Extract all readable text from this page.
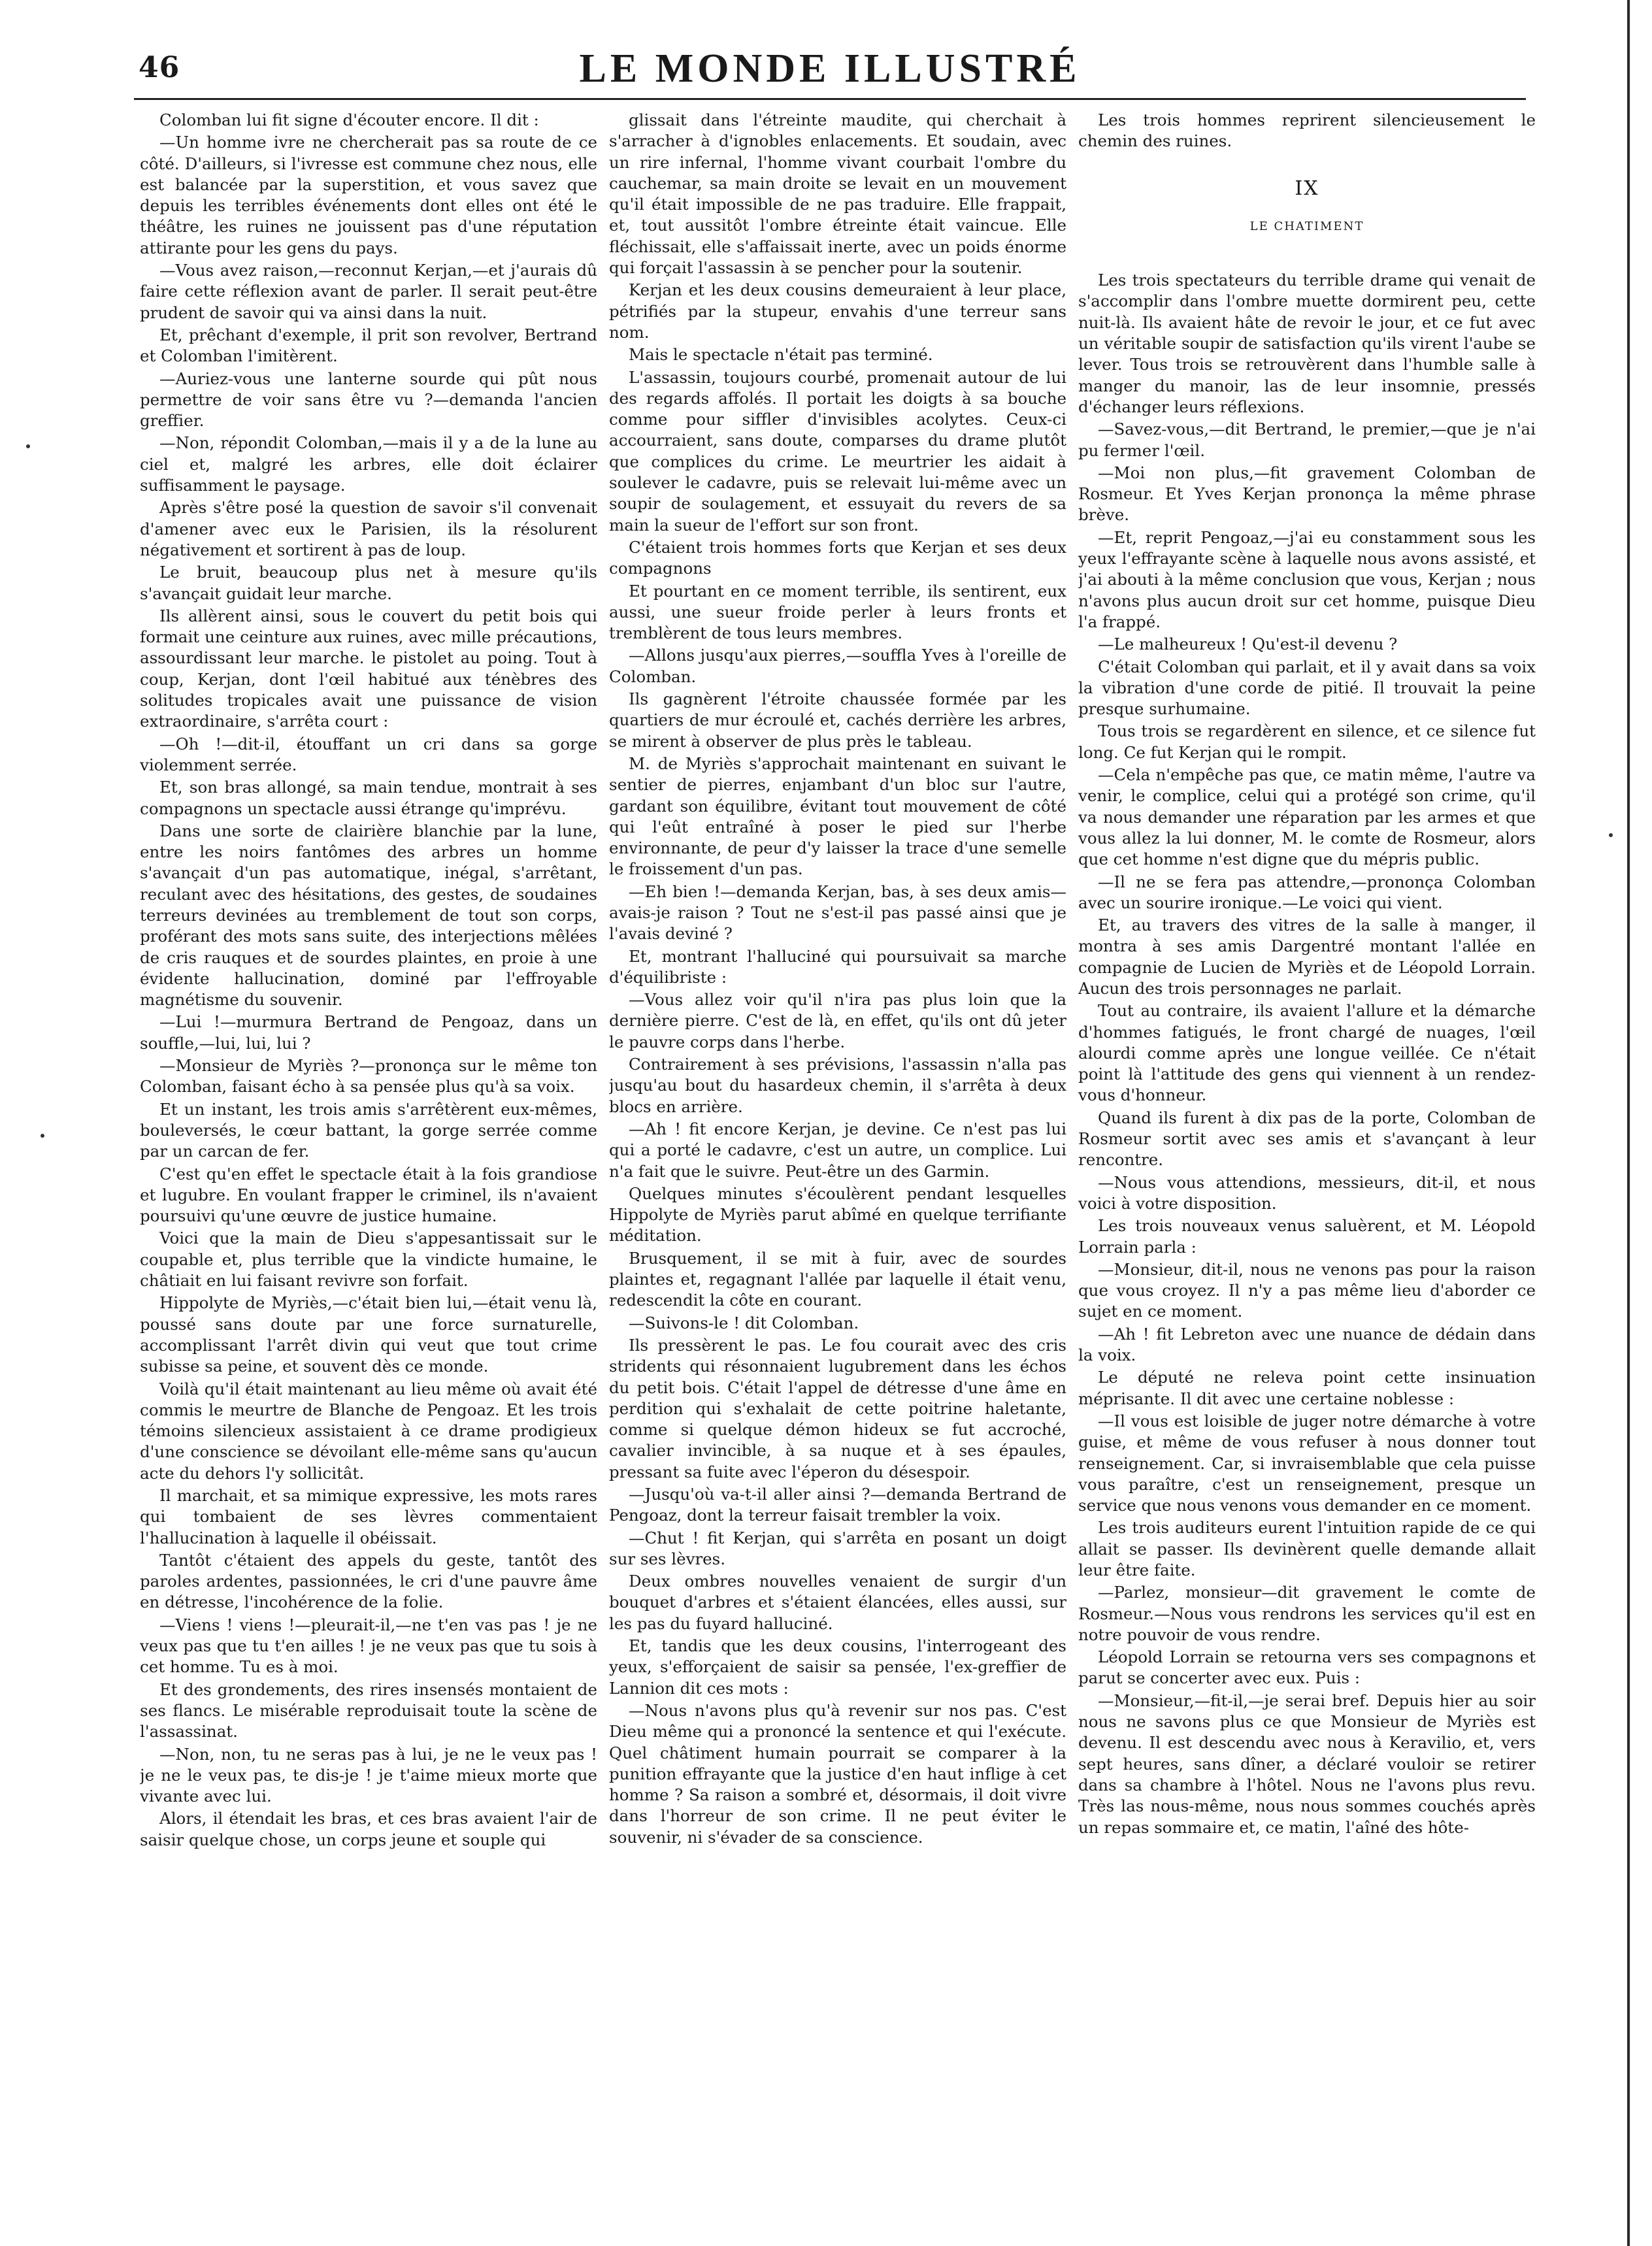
46	LE MONDE ILLUSTRÉ

Colomban lui fit signe d'écouter encore. Il dit :

—Un homme ivre ne chercherait pas sa route de ce côté. D'ailleurs, si l'ivresse est commune chez nous, elle est balancée par la superstition, et vous savez que depuis les terribles événements dont elles ont été le théâtre, les ruines ne jouissent pas d'une réputation attirante pour les gens du pays.

—Vous avez raison,—reconnut Kerjan,—et j'aurais dû faire cette réflexion avant de parler. Il serait peut-être prudent de savoir qui va ainsi dans la nuit.

Et, prêchant d'exemple, il prit son revolver, Bertrand et Colomban l'imitèrent.

—Auriez-vous une lanterne sourde qui pût nous permettre de voir sans être vu ?—demanda l'ancien greffier.

—Non, répondit Colomban,—mais il y a de la lune au ciel et, malgré les arbres, elle doit éclairer suffisamment le paysage.

Après s'être posé la question de savoir s'il convenait d'amener avec eux le Parisien, ils la résolurent négativement et sortirent à pas de loup.

Le bruit, beaucoup plus net à mesure qu'ils s'avançait guidait leur marche.

Ils allèrent ainsi, sous le couvert du petit bois qui formait une ceinture aux ruines, avec mille précautions, assourdissant leur marche. le pistolet au poing. Tout à coup, Kerjan, dont l'œil habitué aux ténèbres des solitudes tropicales avait une puissance de vision extraordinaire, s'arrêta court :

—Oh !—dit-il, étouffant un cri dans sa gorge violemment serrée.

Et, son bras allongé, sa main tendue, montrait à ses compagnons un spectacle aussi étrange qu'imprévu.

Dans une sorte de clairière blanchie par la lune, entre les noirs fantômes des arbres un homme s'avançait d'un pas automatique, inégal, s'arrêtant, reculant avec des hésitations, des gestes, de soudaines terreurs devinées au tremblement de tout son corps, proférant des mots sans suite, des interjections mêlées de cris rauques et de sourdes plaintes, en proie à une évidente hallucination, dominé par l'effroyable magnétisme du souvenir.

—Lui !—murmura Bertrand de Pengoaz, dans un souffle,—lui, lui, lui ?

—Monsieur de Myriès ?—prononça sur le même ton Colomban, faisant écho à sa pensée plus qu'à sa voix.

Et un instant, les trois amis s'arrêtèrent eux-mêmes, bouleversés, le cœur battant, la gorge serrée comme par un carcan de fer.

C'est qu'en effet le spectacle était à la fois grandiose et lugubre. En voulant frapper le criminel, ils n'avaient poursuivi qu'une œuvre de justice humaine.

Voici que la main de Dieu s'appesantissait sur le coupable et, plus terrible que la vindicte humaine, le châtiait en lui faisant revivre son forfait.

Hippolyte de Myriès,—c'était bien lui,—était venu là, poussé sans doute par une force surnaturelle, accomplissant l'arrêt divin qui veut que tout crime subisse sa peine, et souvent dès ce monde.

Voilà qu'il était maintenant au lieu même où avait été commis le meurtre de Blanche de Pengoaz. Et les trois témoins silencieux assistaient à ce drame prodigieux d'une conscience se dévoilant elle-même sans qu'aucun acte du dehors l'y sollicitât.

Il marchait, et sa mimique expressive, les mots rares qui tombaient de ses lèvres commentaient l'hallucination à laquelle il obéissait.

Tantôt c'étaient des appels du geste, tantôt des paroles ardentes, passionnées, le cri d'une pauvre âme en détresse, l'incohérence de la folie.

—Viens ! viens !—pleurait-il,—ne t'en vas pas ! je ne veux pas que tu t'en ailles ! je ne veux pas que tu sois à cet homme. Tu es à moi.

Et des grondements, des rires insensés montaient de ses flancs. Le misérable reproduisait toute la scène de l'assassinat.

—Non, non, tu ne seras pas à lui, je ne le veux pas ! je ne le veux pas, te dis-je ! je t'aime mieux morte que vivante avec lui.

Alors, il étendait les bras, et ces bras avaient l'air de saisir quelque chose, un corps jeune et souple qui

glissait dans l'étreinte maudite, qui cherchait à s'arracher à d'ignobles enlacements. Et soudain, avec un rire infernal, l'homme vivant courbait l'ombre du cauchemar, sa main droite se levait en un mouvement qu'il était impossible de ne pas traduire. Elle frappait, et, tout aussitôt l'ombre étreinte était vaincue. Elle fléchissait, elle s'affaissait inerte, avec un poids énorme qui forçait l'assassin à se pencher pour la soutenir.

Kerjan et les deux cousins demeuraient à leur place, pétrifiés par la stupeur, envahis d'une terreur sans nom.

Mais le spectacle n'était pas terminé.

L'assassin, toujours courbé, promenait autour de lui des regards affolés. Il portait les doigts à sa bouche comme pour siffler d'invisibles acolytes. Ceux-ci accourraient, sans doute, comparses du drame plutôt que complices du crime. Le meurtrier les aidait à soulever le cadavre, puis se relevait lui-même avec un soupir de soulagement, et essuyait du revers de sa main la sueur de l'effort sur son front.

C'étaient trois hommes forts que Kerjan et ses deux compagnons

Et pourtant en ce moment terrible, ils sentirent, eux aussi, une sueur froide perler à leurs fronts et tremblèrent de tous leurs membres.

—Allons jusqu'aux pierres,—souffla Yves à l'oreille de Colomban.

Ils gagnèrent l'étroite chaussée formée par les quartiers de mur écroulé et, cachés derrière les arbres, se mirent à observer de plus près le tableau.

M. de Myriès s'approchait maintenant en suivant le sentier de pierres, enjambant d'un bloc sur l'autre, gardant son équilibre, évitant tout mouvement de côté qui l'eût entraîné à poser le pied sur l'herbe environnante, de peur d'y laisser la trace d'une semelle le froissement d'un pas.

—Eh bien !—demanda Kerjan, bas, à ses deux amis—avais-je raison ? Tout ne s'est-il pas passé ainsi que je l'avais deviné ?

Et, montrant l'halluciné qui poursuivait sa marche d'équilibriste :

—Vous allez voir qu'il n'ira pas plus loin que la dernière pierre. C'est de là, en effet, qu'ils ont dû jeter le pauvre corps dans l'herbe.

Contrairement à ses prévisions, l'assassin n'alla pas jusqu'au bout du hasardeux chemin, il s'arrêta à deux blocs en arrière.

—Ah ! fit encore Kerjan, je devine. Ce n'est pas lui qui a porté le cadavre, c'est un autre, un complice. Lui n'a fait que le suivre. Peut-être un des Garmin.

Quelques minutes s'écoulèrent pendant lesquelles Hippolyte de Myriès parut abîmé en quelque terrifiante méditation.

Brusquement, il se mit à fuir, avec de sourdes plaintes et, regagnant l'allée par laquelle il était venu, redescendit la côte en courant.

—Suivons-le ! dit Colomban.

Ils pressèrent le pas. Le fou courait avec des cris stridents qui résonnaient lugubrement dans les échos du petit bois. C'était l'appel de détresse d'une âme en perdition qui s'exhalait de cette poitrine haletante, comme si quelque démon hideux se fut accroché, cavalier invincible, à sa nuque et à ses épaules, pressant sa fuite avec l'éperon du désespoir.

—Jusqu'où va-t-il aller ainsi ?—demanda Bertrand de Pengoaz, dont la terreur faisait trembler la voix.

—Chut ! fit Kerjan, qui s'arrêta en posant un doigt sur ses lèvres.

Deux ombres nouvelles venaient de surgir d'un bouquet d'arbres et s'étaient élancées, elles aussi, sur les pas du fuyard halluciné.

Et, tandis que les deux cousins, l'interrogeant des yeux, s'efforçaient de saisir sa pensée, l'ex-greffier de Lannion dit ces mots :

—Nous n'avons plus qu'à revenir sur nos pas. C'est Dieu même qui a prononcé la sentence et qui l'exécute. Quel châtiment humain pourrait se comparer à la punition effrayante que la justice d'en haut inflige à cet homme ? Sa raison a sombré et, désormais, il doit vivre dans l'horreur de son crime. Il ne peut éviter le souvenir, ni s'évader de sa conscience.

Les trois hommes reprirent silencieusement le chemin des ruines.

IX
LE CHATIMENT

Les trois spectateurs du terrible drame qui venait de s'accomplir dans l'ombre muette dormirent peu, cette nuit-là. Ils avaient hâte de revoir le jour, et ce fut avec un véritable soupir de satisfaction qu'ils virent l'aube se lever. Tous trois se retrouvèrent dans l'humble salle à manger du manoir, las de leur insomnie, pressés d'échanger leurs réflexions.

—Savez-vous,—dit Bertrand, le premier,—que je n'ai pu fermer l'œil.

—Moi non plus,—fit gravement Colomban de Rosmeur. Et Yves Kerjan prononça la même phrase brève.

—Et, reprit Pengoaz,—j'ai eu constamment sous les yeux l'effrayante scène à laquelle nous avons assisté, et j'ai abouti à la même conclusion que vous, Kerjan ; nous n'avons plus aucun droit sur cet homme, puisque Dieu l'a frappé.

—Le malheureux ! Qu'est-il devenu ?

C'était Colomban qui parlait, et il y avait dans sa voix la vibration d'une corde de pitié. Il trouvait la peine presque surhumaine.

Tous trois se regardèrent en silence, et ce silence fut long. Ce fut Kerjan qui le rompit.

—Cela n'empêche pas que, ce matin même, l'autre va venir, le complice, celui qui a protégé son crime, qu'il va nous demander une réparation par les armes et que vous allez la lui donner, M. le comte de Rosmeur, alors que cet homme n'est digne que du mépris public.

—Il ne se fera pas attendre,—prononça Colomban avec un sourire ironique.—Le voici qui vient.

Et, au travers des vitres de la salle à manger, il montra à ses amis Dargentré montant l'allée en compagnie de Lucien de Myriès et de Léopold Lorrain. Aucun des trois personnages ne parlait.

Tout au contraire, ils avaient l'allure et la démarche d'hommes fatigués, le front chargé de nuages, l'œil alourdi comme après une longue veillée. Ce n'était point là l'attitude des gens qui viennent à un rendez-vous d'honneur.

Quand ils furent à dix pas de la porte, Colomban de Rosmeur sortit avec ses amis et s'avançant à leur rencontre.

—Nous vous attendions, messieurs, dit-il, et nous voici à votre disposition.

Les trois nouveaux venus saluèrent, et M. Léopold Lorrain parla :

—Monsieur, dit-il, nous ne venons pas pour la raison que vous croyez. Il n'y a pas même lieu d'aborder ce sujet en ce moment.

—Ah ! fit Lebreton avec une nuance de dédain dans la voix.

Le député ne releva point cette insinuation méprisante. Il dit avec une certaine noblesse :

—Il vous est loisible de juger notre démarche à votre guise, et même de vous refuser à nous donner tout renseignement. Car, si invraisemblable que cela puisse vous paraître, c'est un renseignement, presque un service que nous venons vous demander en ce moment.

Les trois auditeurs eurent l'intuition rapide de ce qui allait se passer. Ils devinèrent quelle demande allait leur être faite.

—Parlez, monsieur—dit gravement le comte de Rosmeur.—Nous vous rendrons les services qu'il est en notre pouvoir de vous rendre.

Léopold Lorrain se retourna vers ses compagnons et parut se concerter avec eux. Puis :

—Monsieur,—fit-il,—je serai bref. Depuis hier au soir nous ne savons plus ce que Monsieur de Myriès est devenu. Il est descendu avec nous à Keravilio, et, vers sept heures, sans dîner, a déclaré vouloir se retirer dans sa chambre à l'hôtel. Nous ne l'avons plus revu. Très las nous-même, nous nous sommes couchés après un repas sommaire et, ce matin, l'aîné des hôte-
